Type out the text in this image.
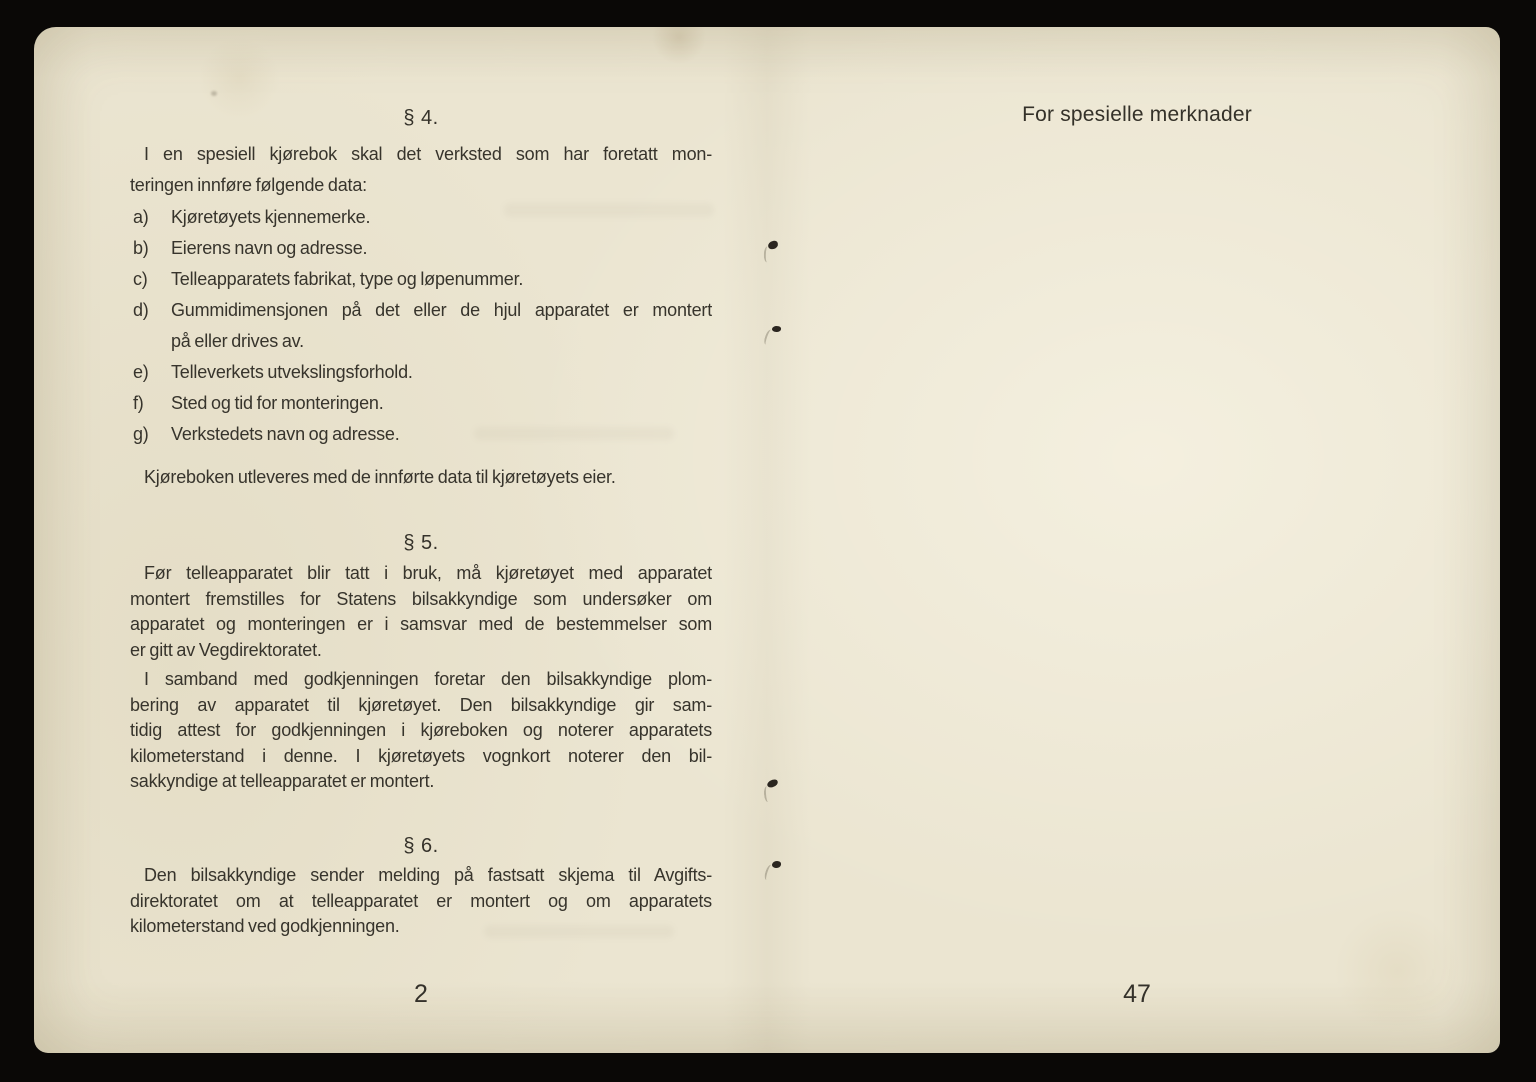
§ 4.
I en spesiell kjørebok skal det verksted som har foretatt mon-
teringen innføre følgende data:
a)	Kjøretøyets kjennemerke.
b)	Eierens navn og adresse.
c)	Telleapparatets fabrikat, type og løpenummer.
d)	Gummidimensjonen på det eller de hjul apparatet er montert
på eller drives av.
e)	Telleverkets utvekslingsforhold.
f)	Sted og tid for monteringen.
g)	Verkstedets navn og adresse.
Kjøreboken utleveres med de innførte data til kjøretøyets eier.
§ 5.
Før telleapparatet blir tatt i bruk, må kjøretøyet med apparatet
montert fremstilles for Statens bilsakkyndige som undersøker om
apparatet og monteringen er i samsvar med de bestemmelser som
er gitt av Vegdirektoratet.
I samband med godkjenningen foretar den bilsakkyndige plom-
bering av apparatet til kjøretøyet. Den bilsakkyndige gir sam-
tidig attest for godkjenningen i kjøreboken og noterer apparatets
kilometerstand i denne. I kjøretøyets vognkort noterer den bil-
sakkyndige at telleapparatet er montert.
§ 6.
Den bilsakkyndige sender melding på fastsatt skjema til Avgifts-
direktoratet om at telleapparatet er montert og om apparatets
kilometerstand ved godkjenningen.
2
For spesielle merknader
47
